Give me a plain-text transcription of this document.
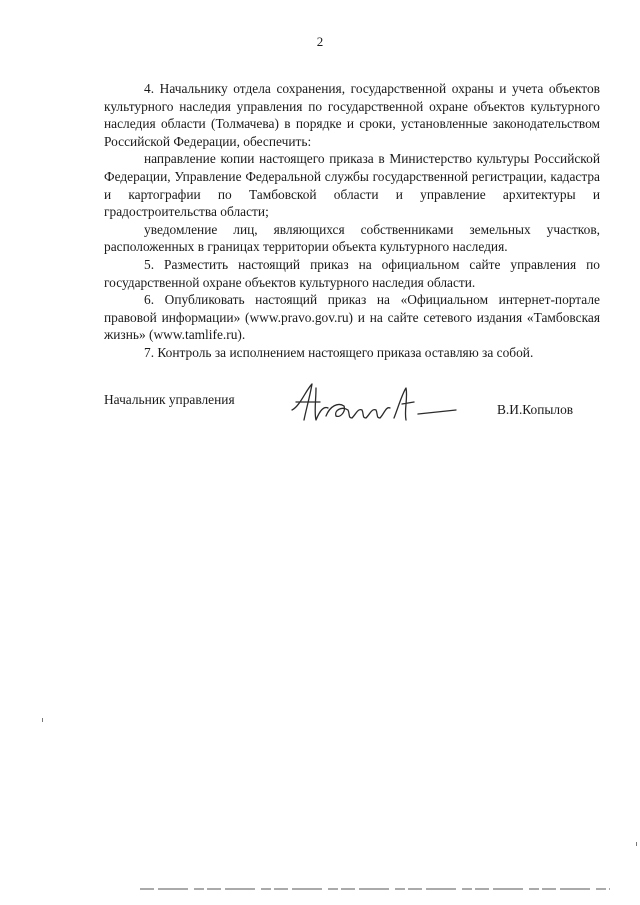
2

4. Начальнику отдела сохранения, государственной охраны и учета объектов культурного наследия управления по государственной охране объектов культурного наследия области (Толмачева) в порядке и сроки, установленные законодательством Российской Федерации, обеспечить:

направление копии настоящего приказа в Министерство культуры Российской Федерации, Управление Федеральной службы государственной регистрации, кадастра и картографии по Тамбовской области и управление архитектуры и градостроительства области;

уведомление лиц, являющихся собственниками земельных участков, расположенных в границах территории объекта культурного наследия.

5. Разместить настоящий приказ на официальном сайте управления по государственной охране объектов культурного наследия области.

6. Опубликовать настоящий приказ на «Официальном интернет-портале правовой информации» (www.pravo.gov.ru) и на сайте сетевого издания «Тамбовская жизнь» (www.tamlife.ru).

7. Контроль за исполнением настоящего приказа оставляю за собой.

Начальник управления
В.И.Копылов
